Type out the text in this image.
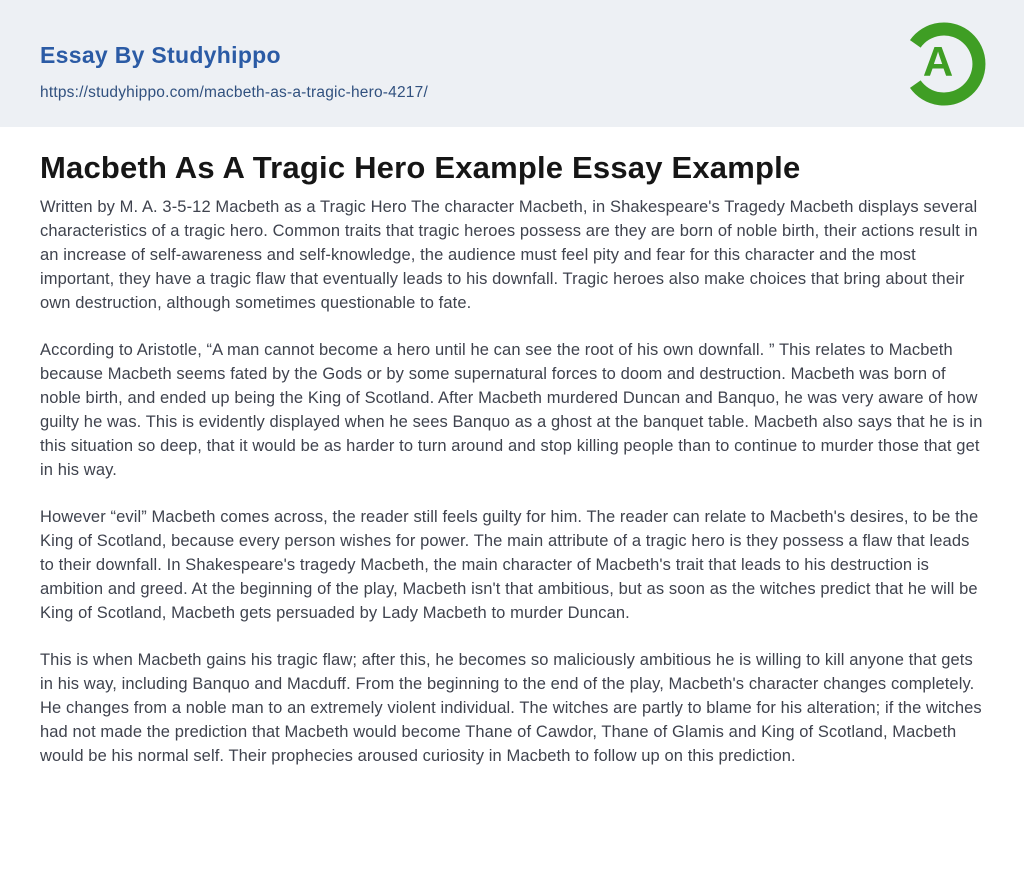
Essay By Studyhippo
https://studyhippo.com/macbeth-as-a-tragic-hero-4217/
A
Macbeth As A Tragic Hero Example Essay Example

Written by M. A. 3-5-12 Macbeth as a Tragic Hero The character Macbeth, in Shakespeare's Tragedy Macbeth displays several characteristics of a tragic hero. Common traits that tragic heroes possess are they are born of noble birth, their actions result in an increase of self-awareness and self-knowledge, the audience must feel pity and fear for this character and the most important, they have a tragic flaw that eventually leads to his downfall. Tragic heroes also make choices that bring about their own destruction, although sometimes questionable to fate.

According to Aristotle, “A man cannot become a hero until he can see the root of his own downfall. ” This relates to Macbeth because Macbeth seems fated by the Gods or by some supernatural forces to doom and destruction. Macbeth was born of noble birth, and ended up being the King of Scotland. After Macbeth murdered Duncan and Banquo, he was very aware of how guilty he was. This is evidently displayed when he sees Banquo as a ghost at the banquet table. Macbeth also says that he is in this situation so deep, that it would be as harder to turn around and stop killing people than to continue to murder those that get in his way.

However “evil” Macbeth comes across, the reader still feels guilty for him. The reader can relate to Macbeth's desires, to be the King of Scotland, because every person wishes for power. The main attribute of a tragic hero is they possess a flaw that leads to their downfall. In Shakespeare's tragedy Macbeth, the main character of Macbeth's trait that leads to his destruction is ambition and greed. At the beginning of the play, Macbeth isn't that ambitious, but as soon as the witches predict that he will be King of Scotland, Macbeth gets persuaded by Lady Macbeth to murder Duncan.

This is when Macbeth gains his tragic flaw; after this, he becomes so maliciously ambitious he is willing to kill anyone that gets in his way, including Banquo and Macduff. From the beginning to the end of the play, Macbeth's character changes completely. He changes from a noble man to an extremely violent individual. The witches are partly to blame for his alteration; if the witches had not made the prediction that Macbeth would become Thane of Cawdor, Thane of Glamis and King of Scotland, Macbeth would be his normal self. Their prophecies aroused curiosity in Macbeth to follow up on this prediction.
